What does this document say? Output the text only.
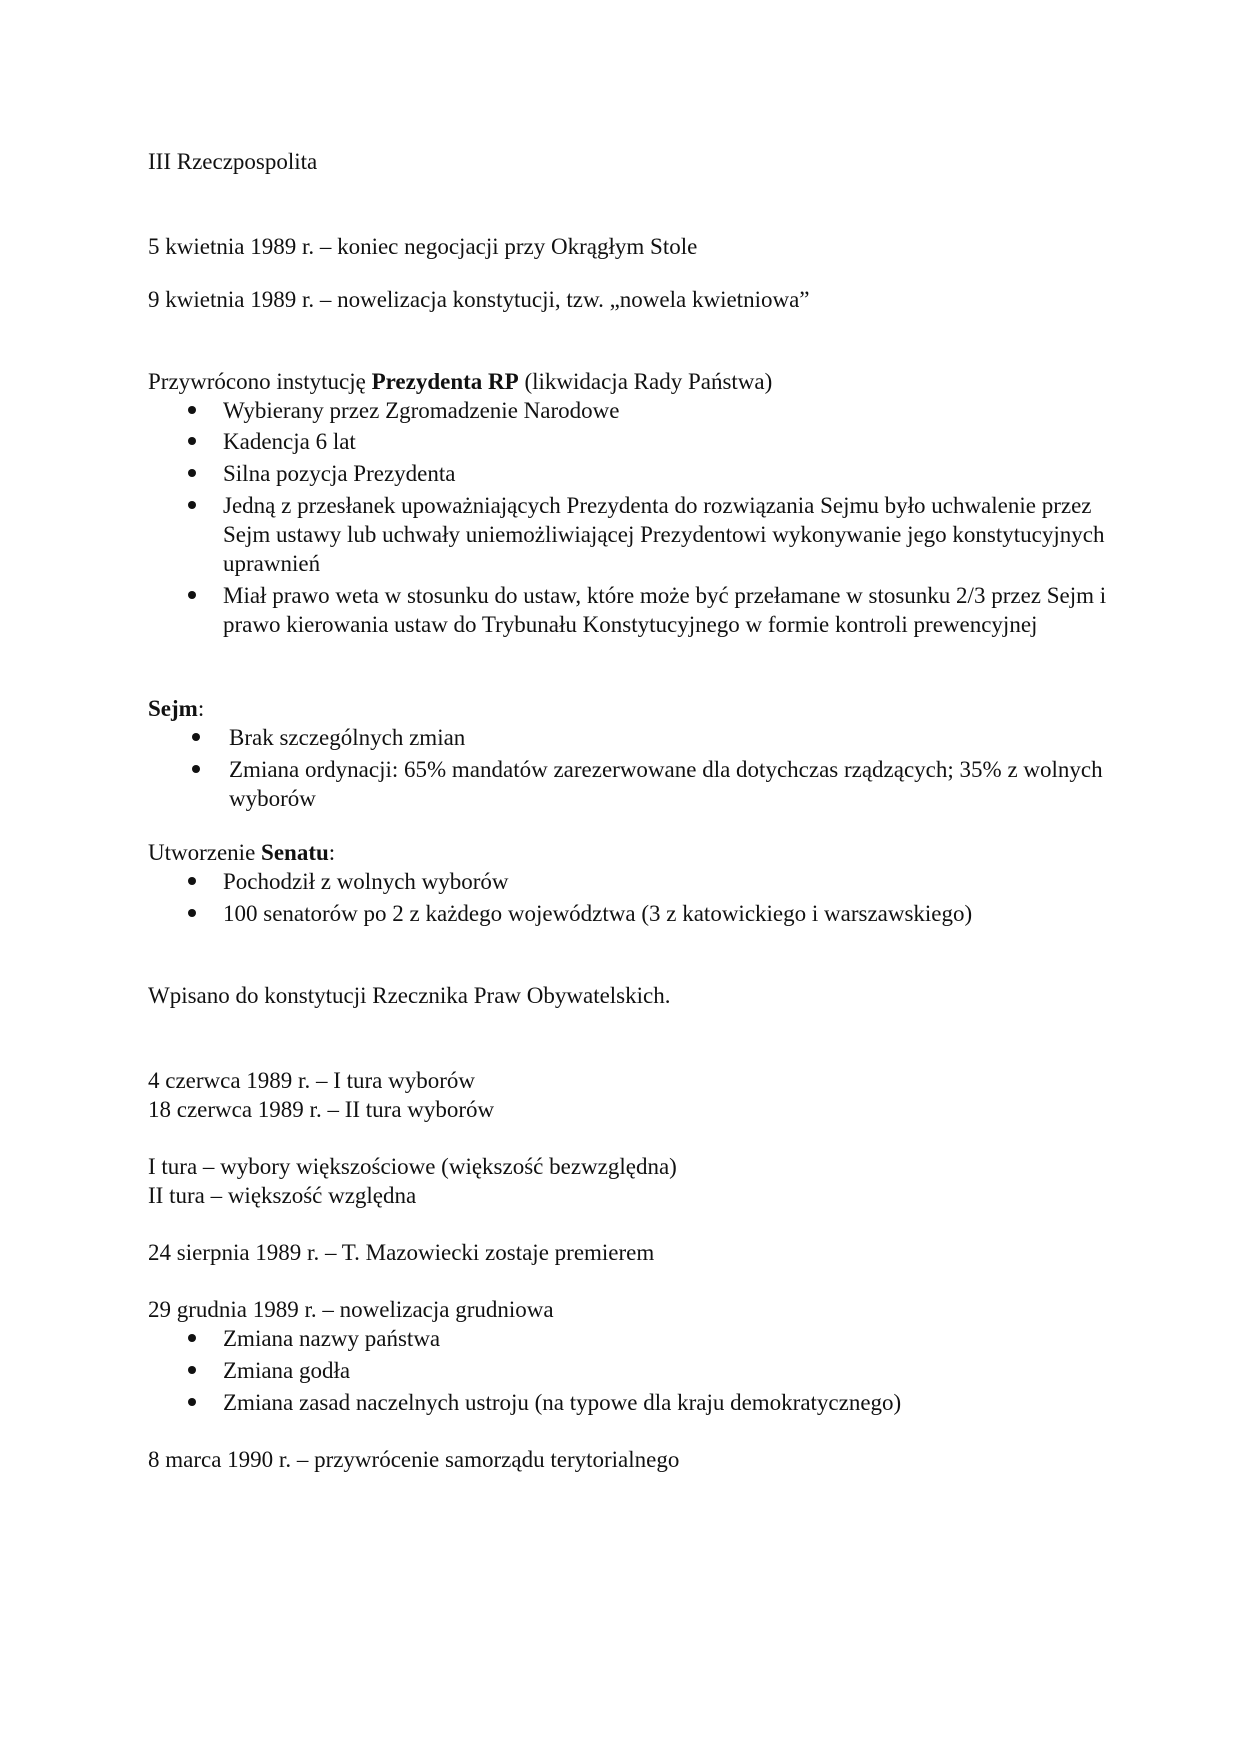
III Rzeczpospolita

5 kwietnia 1989 r. – koniec negocjacji przy Okrągłym Stole

9 kwietnia 1989 r. – nowelizacja konstytucji, tzw. „nowela kwietniowa”

Przywrócono instytucję Prezydenta RP (likwidacja Rady Państwa)

Wybierany przez Zgromadzenie Narodowe
Kadencja 6 lat
Silna pozycja Prezydenta
Jedną z przesłanek upoważniających Prezydenta do rozwiązania Sejmu było uchwalenie przez Sejm ustawy lub uchwały uniemożliwiającej Prezydentowi wykonywanie jego konstytucyjnych uprawnień
Miał prawo weta w stosunku do ustaw, które może być przełamane w stosunku 2/3 przez Sejm i prawo kierowania ustaw do Trybunału Konstytucyjnego w formie kontroli prewencyjnej

Sejm:

Brak szczególnych zmian
Zmiana ordynacji: 65% mandatów zarezerwowane dla dotychczas rządzących; 35% z wolnych wyborów

Utworzenie Senatu:

Pochodził z wolnych wyborów
100 senatorów po 2 z każdego województwa (3 z katowickiego i warszawskiego)

Wpisano do konstytucji Rzecznika Praw Obywatelskich.

4 czerwca 1989 r. – I tura wyborów

18 czerwca 1989 r. – II tura wyborów

I tura – wybory większościowe (większość bezwzględna)

II tura – większość względna

24 sierpnia 1989 r. – T. Mazowiecki zostaje premierem

29 grudnia 1989 r. – nowelizacja grudniowa

Zmiana nazwy państwa
Zmiana godła
Zmiana zasad naczelnych ustroju (na typowe dla kraju demokratycznego)

8 marca 1990 r. – przywrócenie samorządu terytorialnego
